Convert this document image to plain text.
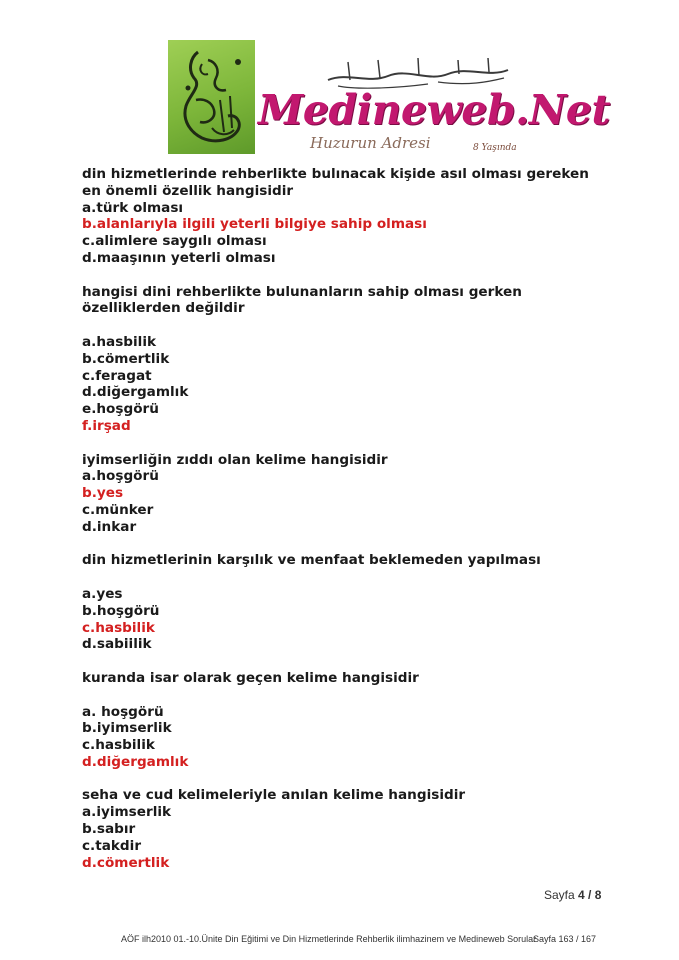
Medineweb.Net
Huzurun Adresi	8 Yaşında
din hizmetlerinde rehberlikte bulınacak kişide asıl olması gereken
en önemli özellik hangisidir
a.türk olması
b.alanlarıyla ilgili yeterli bilgiye sahip olması
c.alimlere saygılı olması
d.maaşının yeterli olması
hangisi dini rehberlikte bulunanların sahip olması gerken
özelliklerden değildir
a.hasbilik
b.cömertlik
c.feragat
d.diğergamlık
e.hoşgörü
f.irşad
iyimserliğin zıddı olan kelime hangisidir
a.hoşgörü
b.yes
c.münker
d.inkar
din hizmetlerinin karşılık ve menfaat beklemeden yapılması
a.yes
b.hoşgörü
c.hasbilik
d.sabiilik
kuranda isar olarak geçen kelime hangisidir
a. hoşgörü
b.iyimserlik
c.hasbilik
d.diğergamlık
seha ve cud kelimeleriyle anılan kelime hangisidir
a.iyimserlik
b.sabır
c.takdir
d.cömertlik
Sayfa 4 / 8
AÖF ilh2010 01.-10.Ünite Din Eğitimi ve Din Hizmetlerinde Rehberlik ilimhazinem ve Medineweb Sorular
Sayfa 163 / 167
